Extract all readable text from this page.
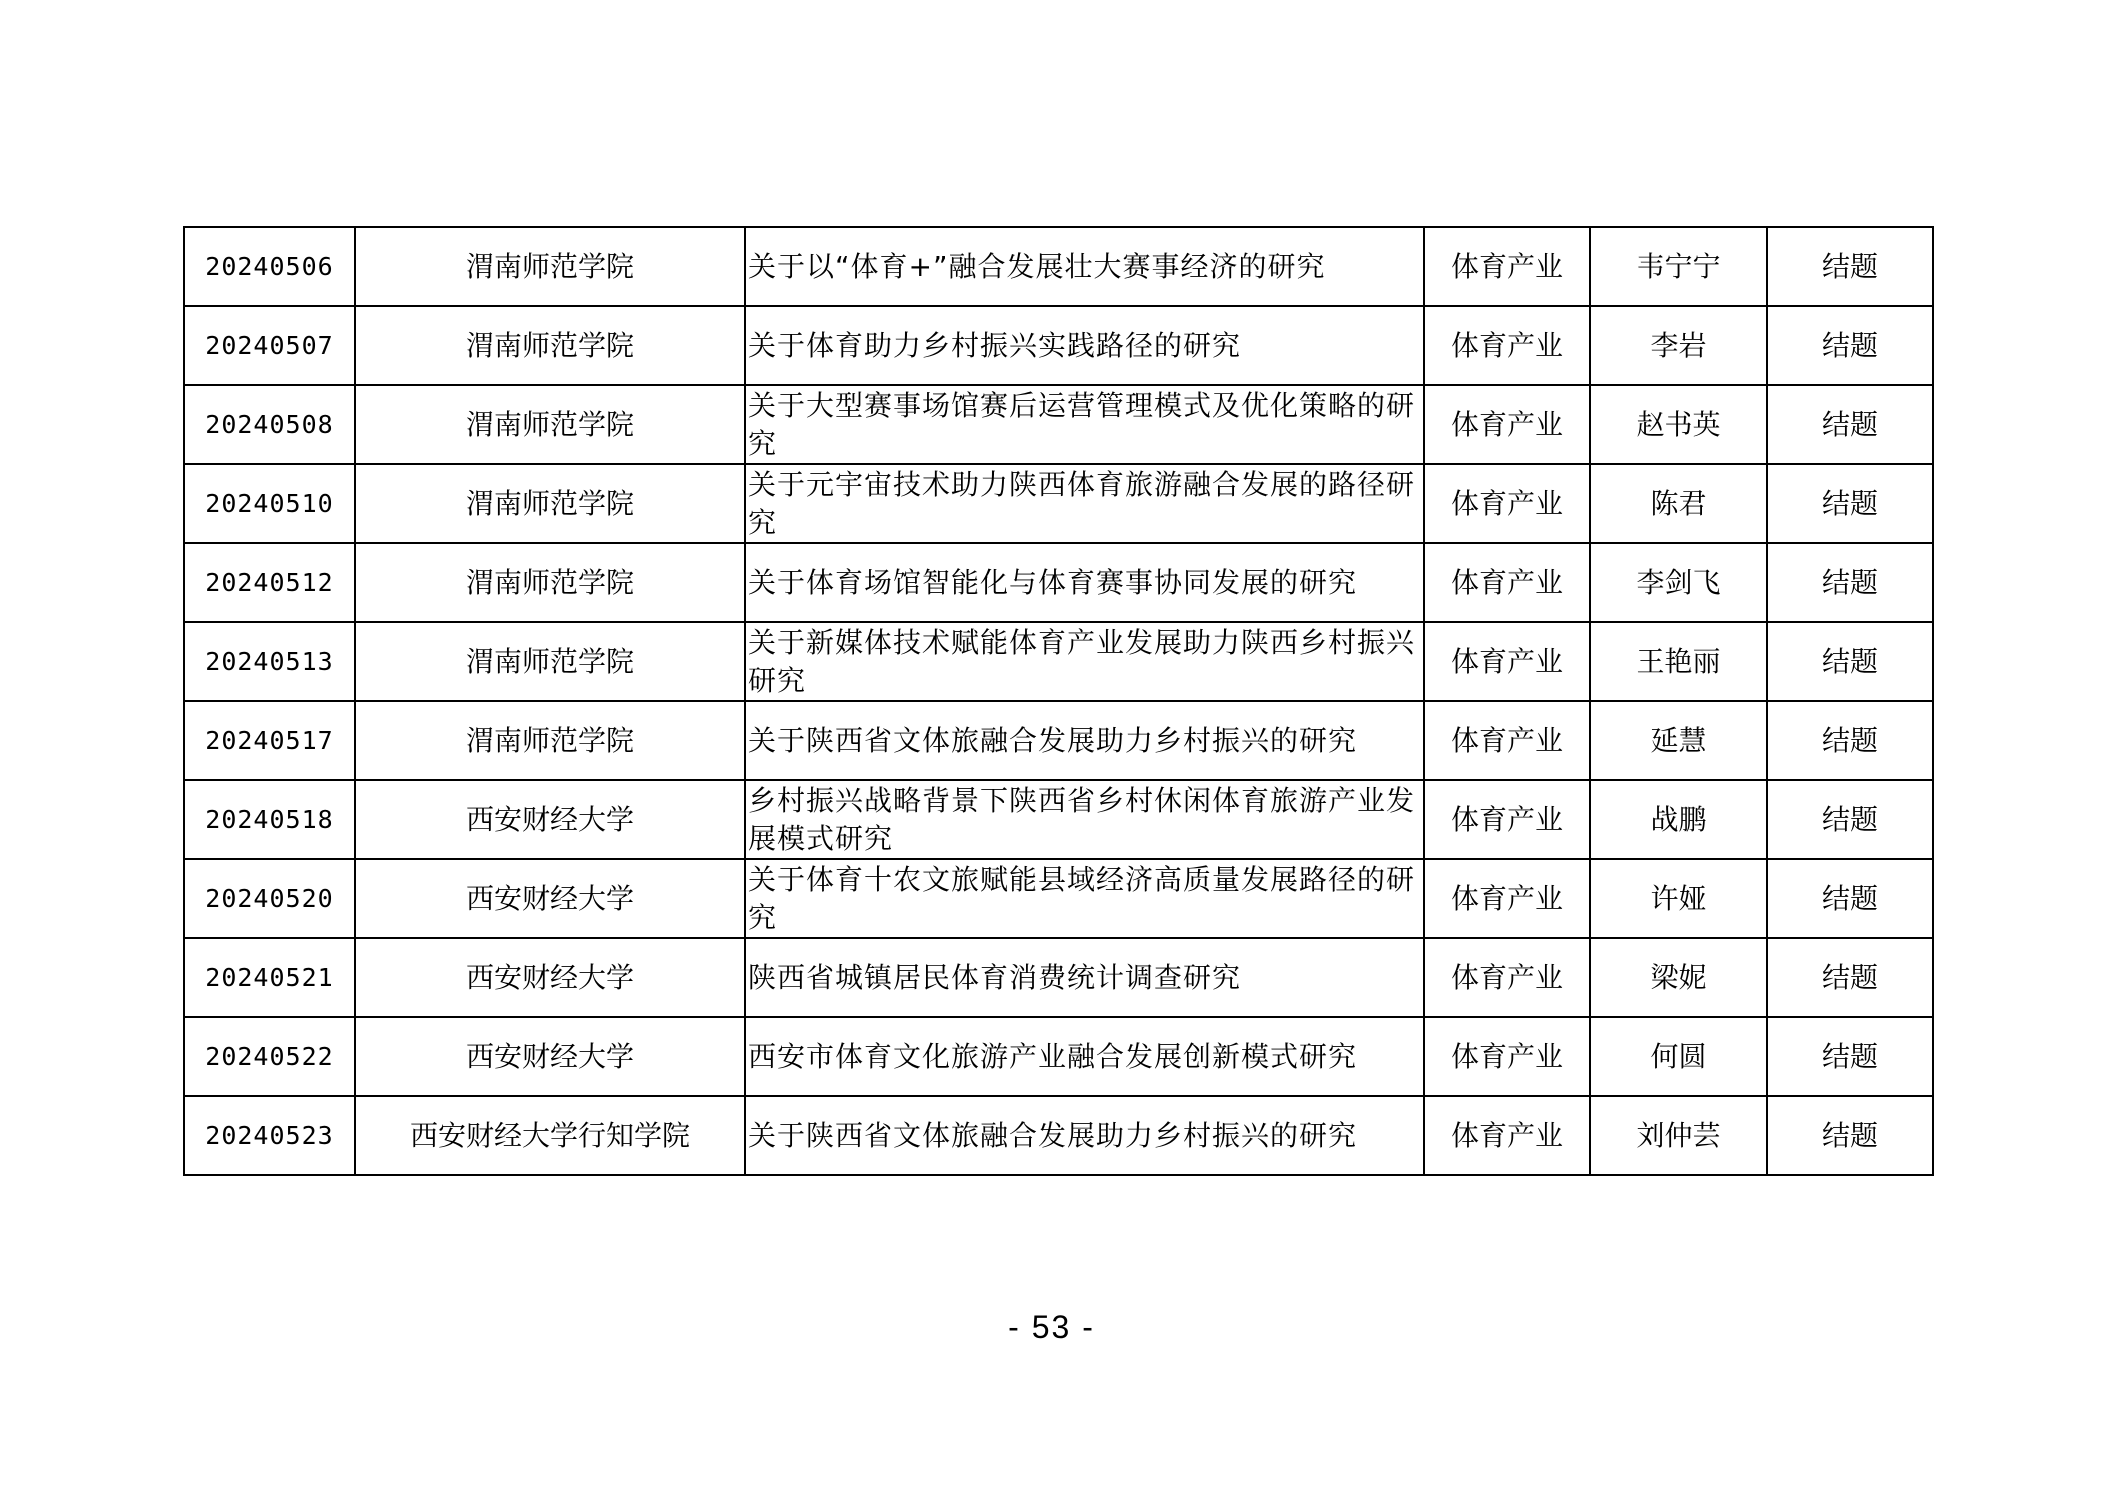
20240506	渭南师范学院	关于以“体育+”融合发展壮大赛事经济的研究	体育产业	韦宁宁	结题
20240507	渭南师范学院	关于体育助力乡村振兴实践路径的研究	体育产业	李岩	结题
20240508	渭南师范学院	关于大型赛事场馆赛后运营管理模式及优化策略的研究	体育产业	赵书英	结题
20240510	渭南师范学院	关于元宇宙技术助力陕西体育旅游融合发展的路径研究	体育产业	陈君	结题
20240512	渭南师范学院	关于体育场馆智能化与体育赛事协同发展的研究	体育产业	李剑飞	结题
20240513	渭南师范学院	关于新媒体技术赋能体育产业发展助力陕西乡村振兴研究	体育产业	王艳丽	结题
20240517	渭南师范学院	关于陕西省文体旅融合发展助力乡村振兴的研究	体育产业	延慧	结题
20240518	西安财经大学	乡村振兴战略背景下陕西省乡村休闲体育旅游产业发展模式研究	体育产业	战鹏	结题
20240520	西安财经大学	关于体育十农文旅赋能县域经济高质量发展路径的研究	体育产业	许娅	结题
20240521	西安财经大学	陕西省城镇居民体育消费统计调查研究	体育产业	梁妮	结题
20240522	西安财经大学	西安市体育文化旅游产业融合发展创新模式研究	体育产业	何圆	结题
20240523	西安财经大学行知学院	关于陕西省文体旅融合发展助力乡村振兴的研究	体育产业	刘仲芸	结题
- 53 -
